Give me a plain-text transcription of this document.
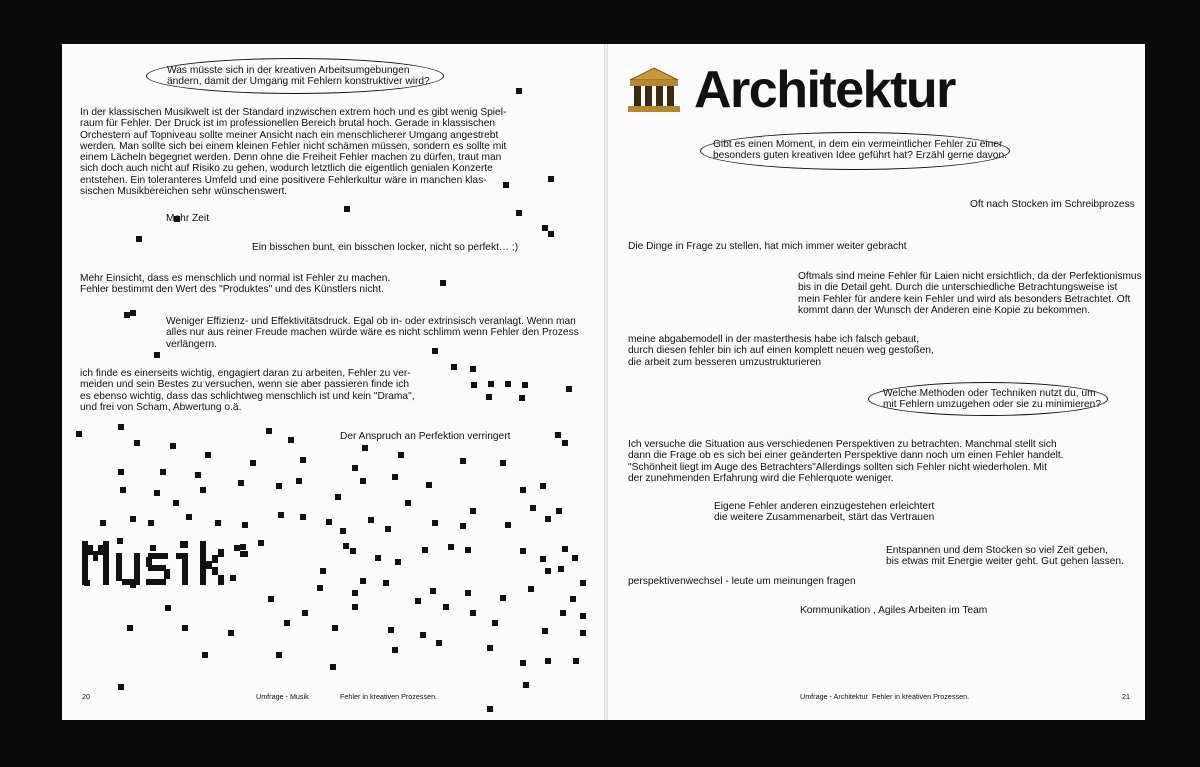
Was müsste sich in der kreativen Arbeitsumgebungen

ändern, damit der Umgang mit Fehlern konstruktiver wird?

In der klassischen Musikwelt ist der Standard inzwischen extrem hoch und es gibt wenig Spiel-

raum für Fehler. Der Druck ist im professionellen Bereich brutal hoch. Gerade in klassischen

Orchestern auf Topniveau sollte meiner Ansicht nach ein menschlicherer Umgang angestrebt

werden. Man sollte sich bei einem kleinen Fehler nicht schämen müssen, sondern es sollte mit

einem Lächeln begegnet werden. Denn ohne die Freiheit Fehler machen zu dürfen, traut man

sich doch auch nicht auf Risiko zu gehen, wodurch letztlich die eigentlich genialen Konzerte

entstehen. Ein toleranteres Umfeld und eine positivere Fehlerkultur wäre in manchen klas-

sischen Musikbereichen sehr wünschenswert.

Mehr Zeit
Ein bisschen bunt, ein bisschen locker, nicht so perfekt… ;)

Mehr Einsicht, dass es menschlich und normal ist Fehler zu machen.

Fehler bestimmt den Wert des "Produktes" und des Künstlers nicht.

Weniger Effizienz- und Effektivitätsdruck. Egal ob in- oder extrinsisch veranlagt. Wenn man

alles nur aus reiner Freude machen würde wäre es nicht schlimm wenn Fehler den Prozess

verlängern.

ich finde es einerseits wichtig, engagiert daran zu arbeiten, Fehler zu ver-

meiden und sein Bestes zu versuchen, wenn sie aber passieren finde ich

es ebenso wichtig, dass das schlichtweg menschlich ist und kein "Drama",

und frei von Scham, Abwertung o.ä.

Der Anspruch an Perfektion verringert
20	Umfrage - Musik	Fehler in kreativen Prozessen.
Architektur

Gibt es einen Moment, in dem ein vermeintlicher Fehler zu einer

besonders guten kreativen Idee geführt hat? Erzähl gerne davon.

Oft nach Stocken im Schreibprozess
Die Dinge in Frage zu stellen, hat mich immer weiter gebracht

Oftmals sind meine Fehler für Laien nicht ersichtlich, da der Perfektionismus

bis in die Detail geht. Durch die unterschiedliche Betrachtungsweise ist

mein Fehler für andere kein Fehler und wird als besonders Betrachtet. Oft

kommt dann der Wunsch der Anderen eine Kopie zu bekommen.

meine abgabemodell in der masterthesis habe ich falsch gebaut,

durch diesen fehler bin ich auf einen komplett neuen weg gestoßen,

die arbeit zum besseren umzustrukturieren

Welche Methoden oder Techniken nutzt du, um

mit Fehlern umzugehen oder sie zu minimieren?

Ich versuche die Situation aus verschiedenen Perspektiven zu betrachten. Manchmal stellt sich

dann die Frage ob es sich bei einer geänderten Perspektive dann noch um einen Fehler handelt.

"Schönheit liegt im Auge des Betrachters"Allerdings sollten sich Fehler nicht wiederholen. Mit

der zunehmenden Erfahrung wird die Fehlerquote weniger.

Eigene Fehler anderen einzugestehen erleichtert

die weitere Zusammenarbeit, stärt das Vertrauen

Entspannen und dem Stocken so viel Zeit geben,

bis etwas mit Energie weiter geht. Gut gehen lassen.

perspektivenwechsel - leute um meinungen fragen
Kommunikation , Agiles Arbeiten im Team
Umfrage - Architektur Fehler in kreativen Prozessen.	21
